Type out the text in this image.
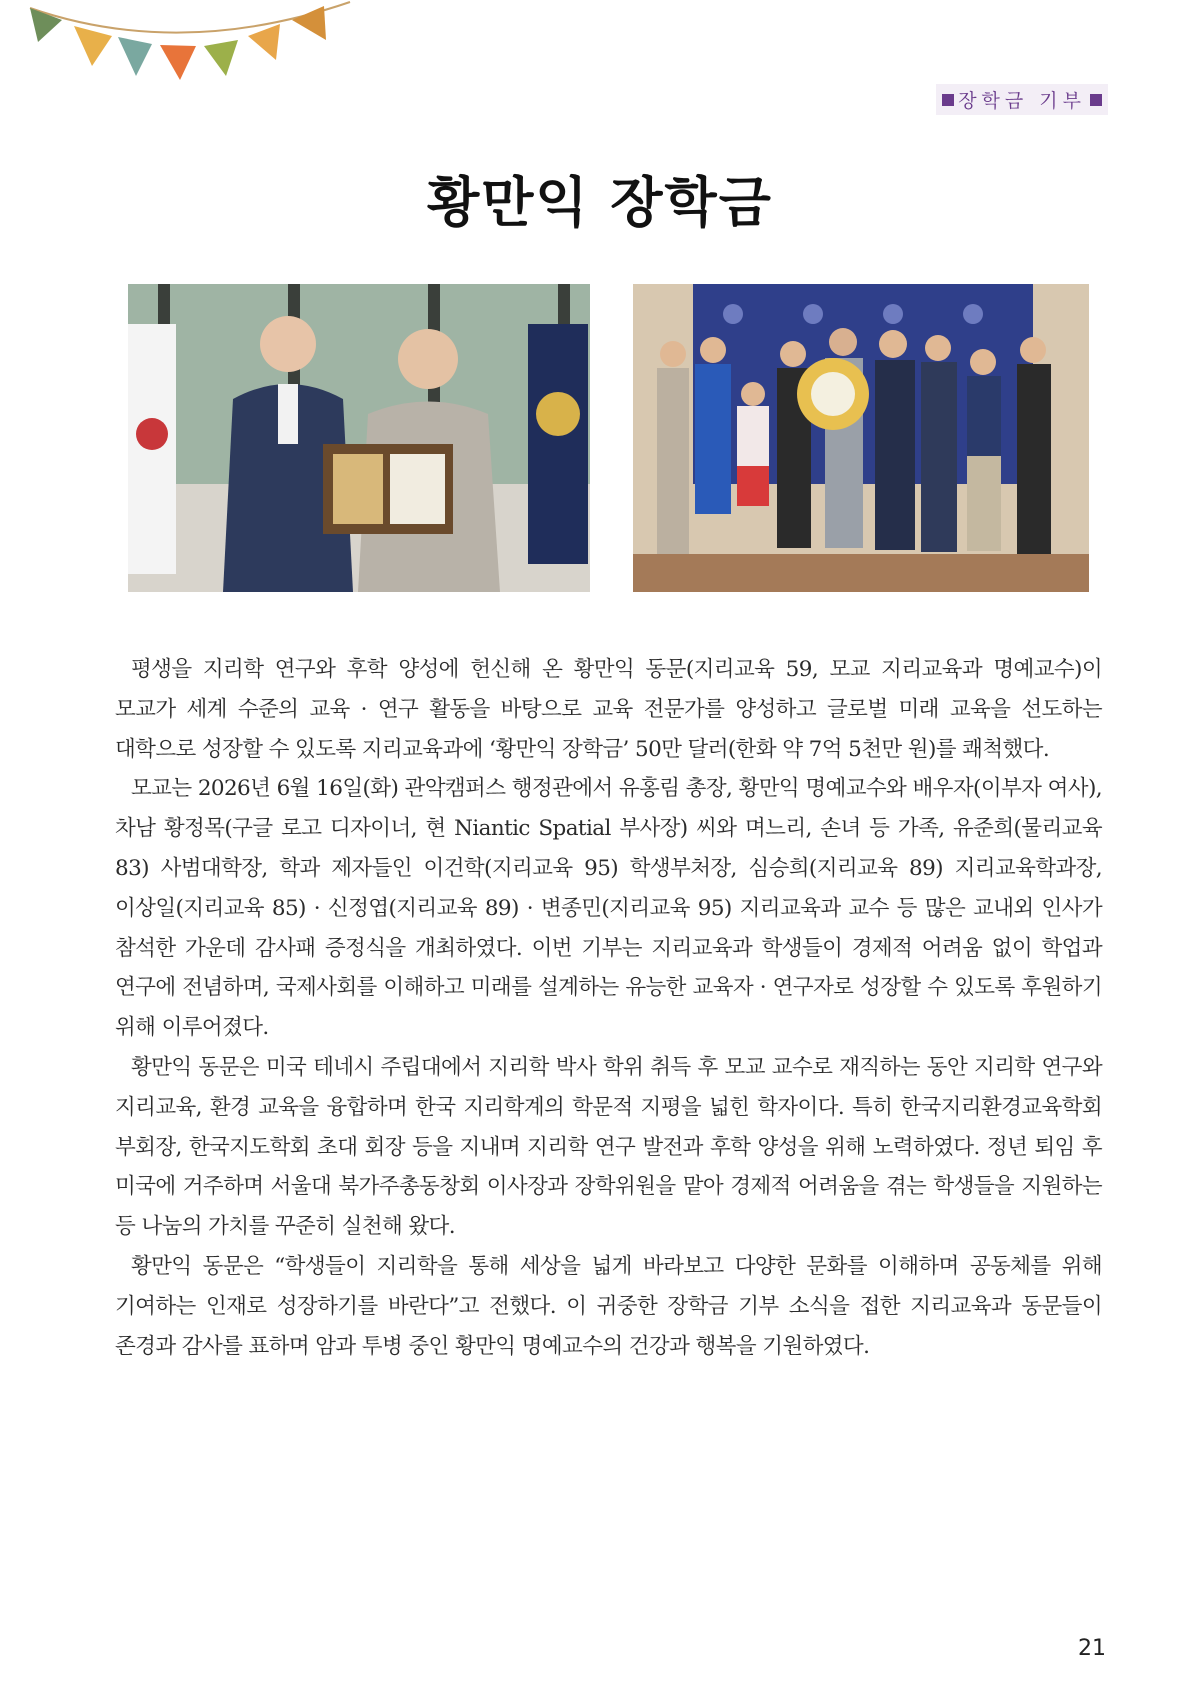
장학금 기부
황만익 장학금

평생을 지리학 연구와 후학 양성에 헌신해 온 황만익 동문(지리교육 59, 모교 지리교육과 명예교수)이 모교가 세계 수준의 교육 · 연구 활동을 바탕으로 교육 전문가를 양성하고 글로벌 미래 교육을 선도하는 대학으로 성장할 수 있도록 지리교육과에 ‘황만익 장학금’ 50만 달러(한화 약 7억 5천만 원)를 쾌척했다.

모교는 2026년 6월 16일(화) 관악캠퍼스 행정관에서 유홍림 총장, 황만익 명예교수와 배우자(이부자 여사), 차남 황정목(구글 로고 디자이너, 현 Niantic Spatial 부사장) 씨와 며느리, 손녀 등 가족, 유준희(물리교육 83) 사범대학장, 학과 제자들인 이건학(지리교육 95) 학생부처장, 심승희(지리교육 89) 지리교육학과장, 이상일(지리교육 85) · 신정엽(지리교육 89) · 변종민(지리교육 95) 지리교육과 교수 등 많은 교내외 인사가 참석한 가운데 감사패 증정식을 개최하였다. 이번 기부는 지리교육과 학생들이 경제적 어려움 없이 학업과 연구에 전념하며, 국제사회를 이해하고 미래를 설계하는 유능한 교육자 · 연구자로 성장할 수 있도록 후원하기 위해 이루어졌다.

황만익 동문은 미국 테네시 주립대에서 지리학 박사 학위 취득 후 모교 교수로 재직하는 동안 지리학 연구와 지리교육, 환경 교육을 융합하며 한국 지리학계의 학문적 지평을 넓힌 학자이다. 특히 한국지리환경교육학회 부회장, 한국지도학회 초대 회장 등을 지내며 지리학 연구 발전과 후학 양성을 위해 노력하였다. 정년 퇴임 후 미국에 거주하며 서울대 북가주총동창회 이사장과 장학위원을 맡아 경제적 어려움을 겪는 학생들을 지원하는 등 나눔의 가치를 꾸준히 실천해 왔다.

황만익 동문은 “학생들이 지리학을 통해 세상을 넓게 바라보고 다양한 문화를 이해하며 공동체를 위해 기여하는 인재로 성장하기를 바란다”고 전했다. 이 귀중한 장학금 기부 소식을 접한 지리교육과 동문들이 존경과 감사를 표하며 암과 투병 중인 황만익 명예교수의 건강과 행복을 기원하였다.

21
